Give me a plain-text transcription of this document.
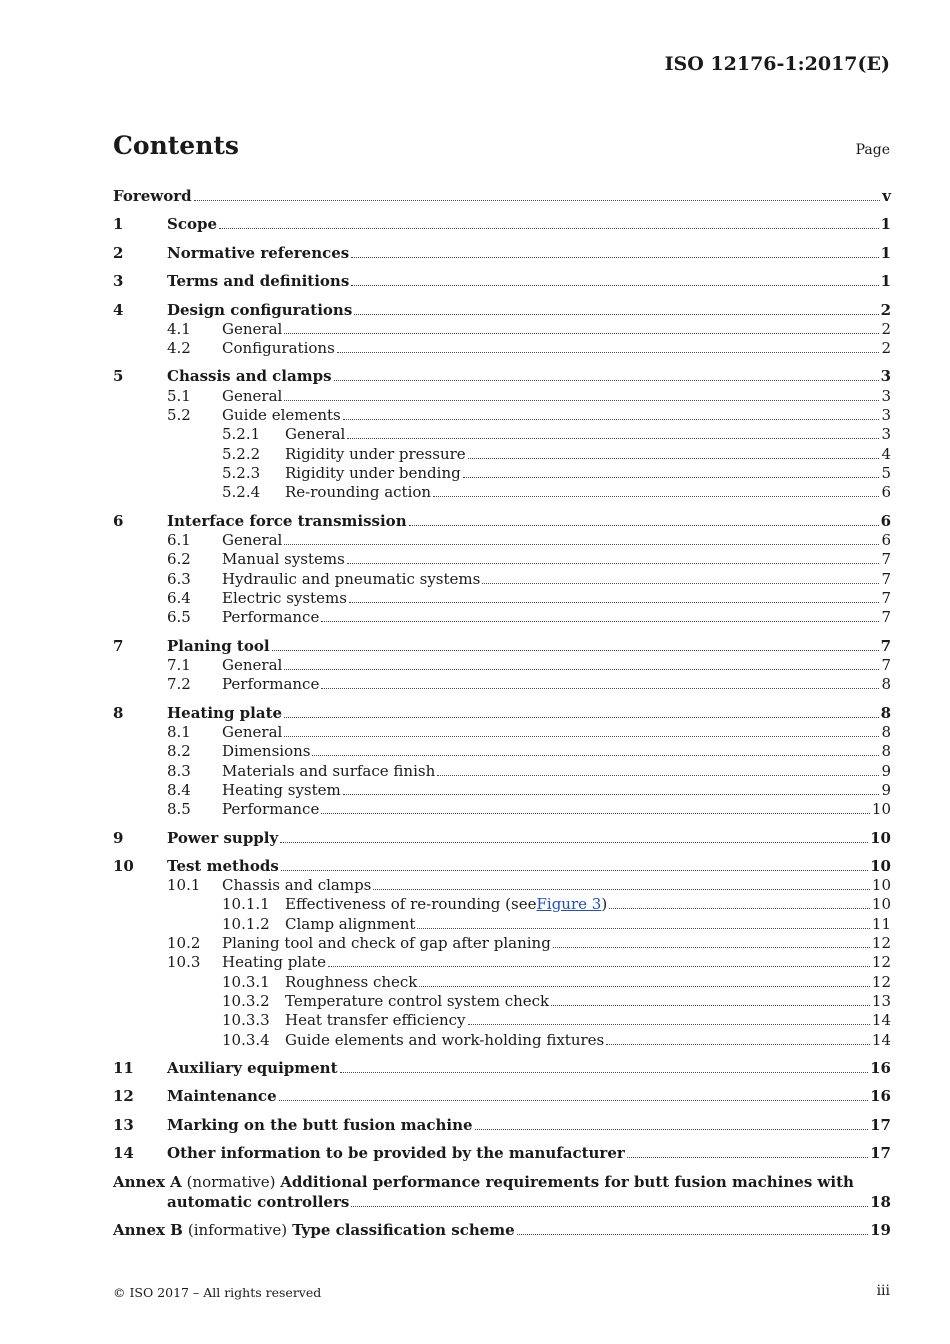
ISO 12176-1:2017(E)
Contents	Page
Foreword	v
1	Scope	1
2	Normative references	1
3	Terms and definitions	1
4	Design configurations	2
4.1	General	2
4.2	Configurations	2
5	Chassis and clamps	3
5.1	General	3
5.2	Guide elements	3
5.2.1	General	3
5.2.2	Rigidity under pressure	4
5.2.3	Rigidity under bending	5
5.2.4	Re-rounding action	6
6	Interface force transmission	6
6.1	General	6
6.2	Manual systems	7
6.3	Hydraulic and pneumatic systems	7
6.4	Electric systems	7
6.5	Performance	7
7	Planing tool	7
7.1	General	7
7.2	Performance	8
8	Heating plate	8
8.1	General	8
8.2	Dimensions	8
8.3	Materials and surface finish	9
8.4	Heating system	9
8.5	Performance	10
9	Power supply	10
10	Test methods	10
10.1	Chassis and clamps	10
10.1.1	Effectiveness of re-rounding (see Figure 3 )	10
10.1.2	Clamp alignment	11
10.2	Planing tool and check of gap after planing	12
10.3	Heating plate	12
10.3.1	Roughness check	12
10.3.2	Temperature control system check	13
10.3.3	Heat transfer efficiency	14
10.3.4	Guide elements and work-holding fixtures	14
11	Auxiliary equipment	16
12	Maintenance	16
13	Marking on the butt fusion machine	17
14	Other information to be provided by the manufacturer	17
Annex A (normative) Additional performance requirements for butt fusion machines with
automatic controllers	18
Annex B (informative) Type classification scheme	19
© ISO 2017 – All rights reserved	iii
